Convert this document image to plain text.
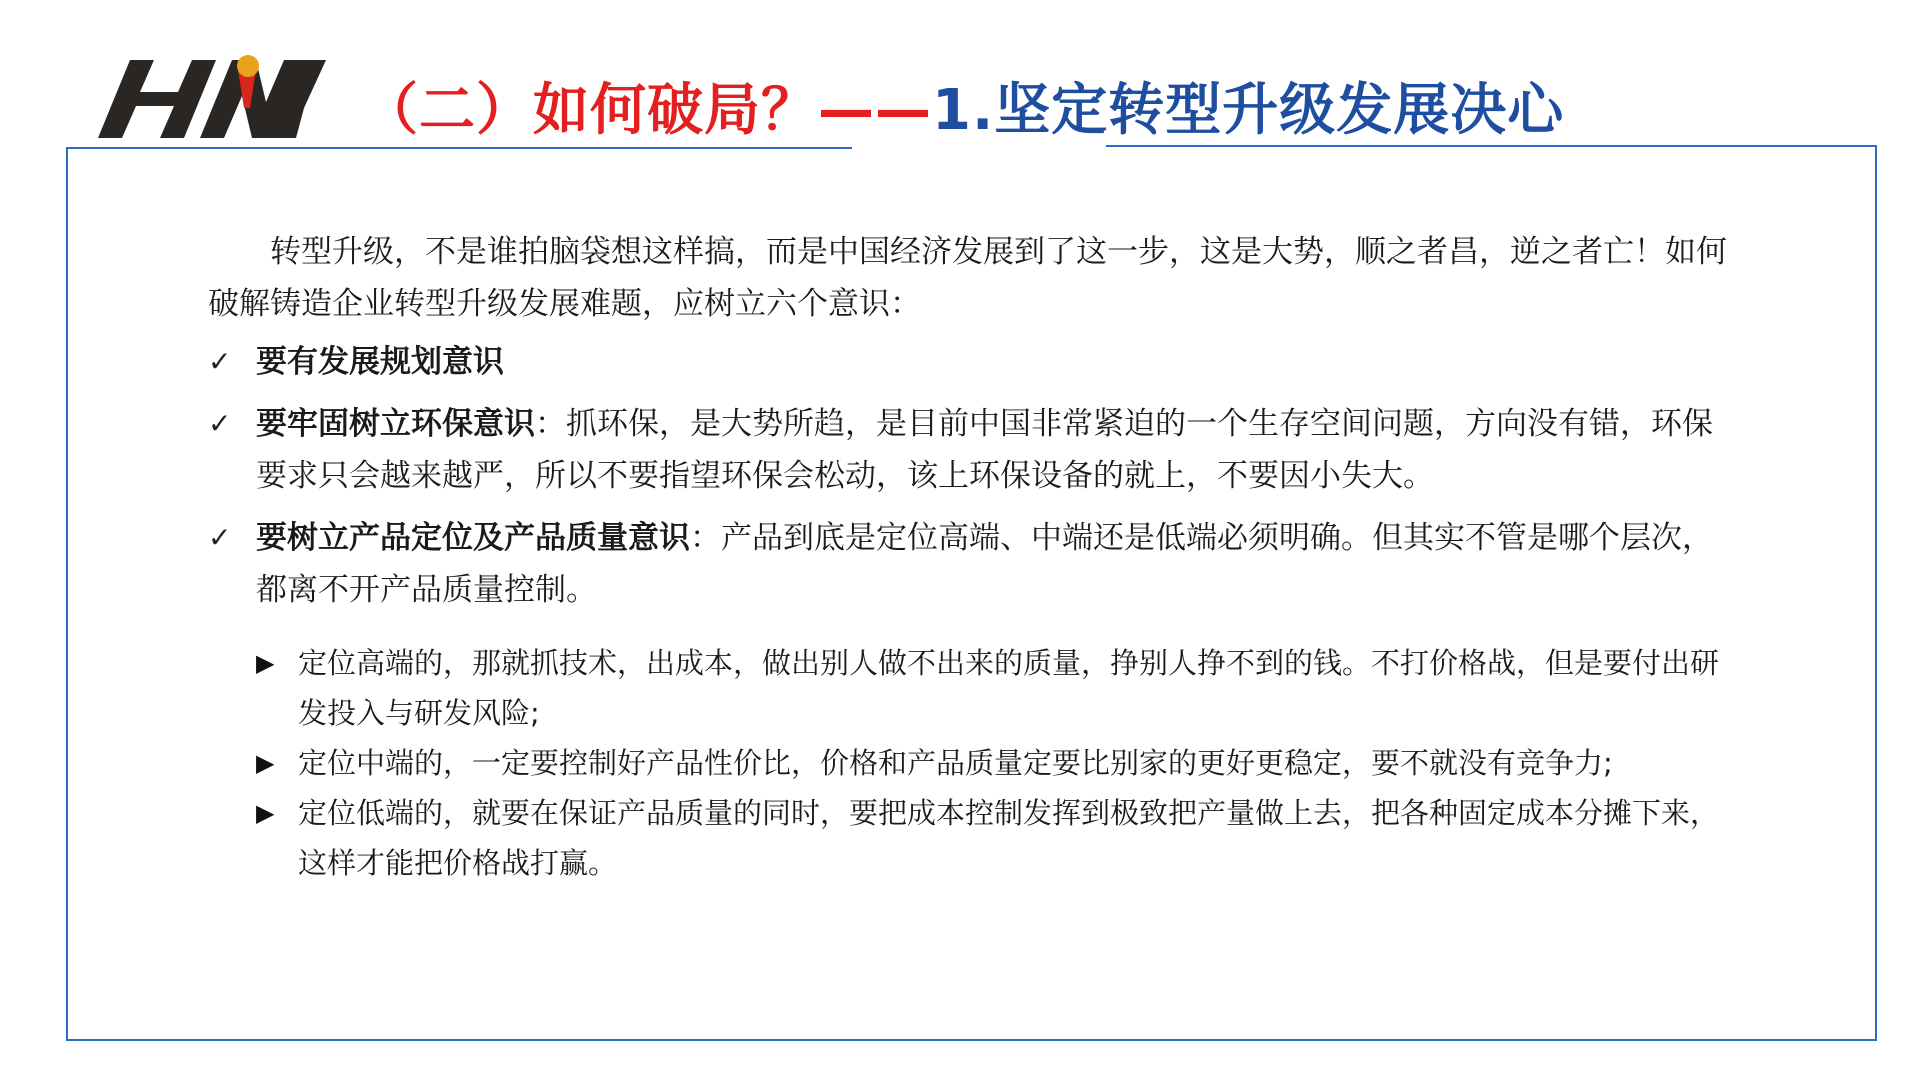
（二）如何破局？——1.坚定转型升级发展决心

转型升级，不是谁拍脑袋想这样搞，而是中国经济发展到了这一步，这是大势，顺之者昌，逆之者亡！如何破解铸造企业转型升级发展难题，应树立六个意识：

✓ 要有发展规划意识
✓ 要牢固树立环保意识：抓环保，是大势所趋，是目前中国非常紧迫的一个生存空间问题，方向没有错，环保要求只会越来越严，所以不要指望环保会松动，该上环保设备的就上，不要因小失大。
✓ 要树立产品定位及产品质量意识：产品到底是定位高端、中端还是低端必须明确。但其实不管是哪个层次，都离不开产品质量控制。
▶ 定位高端的，那就抓技术，出成本，做出别人做不出来的质量，挣别人挣不到的钱。不打价格战，但是要付出研发投入与研发风险;
▶ 定位中端的，一定要控制好产品性价比，价格和产品质量定要比别家的更好更稳定，要不就没有竞争力;
▶ 定位低端的，就要在保证产品质量的同时，要把成本控制发挥到极致把产量做上去，把各种固定成本分摊下来，这样才能把价格战打赢。
